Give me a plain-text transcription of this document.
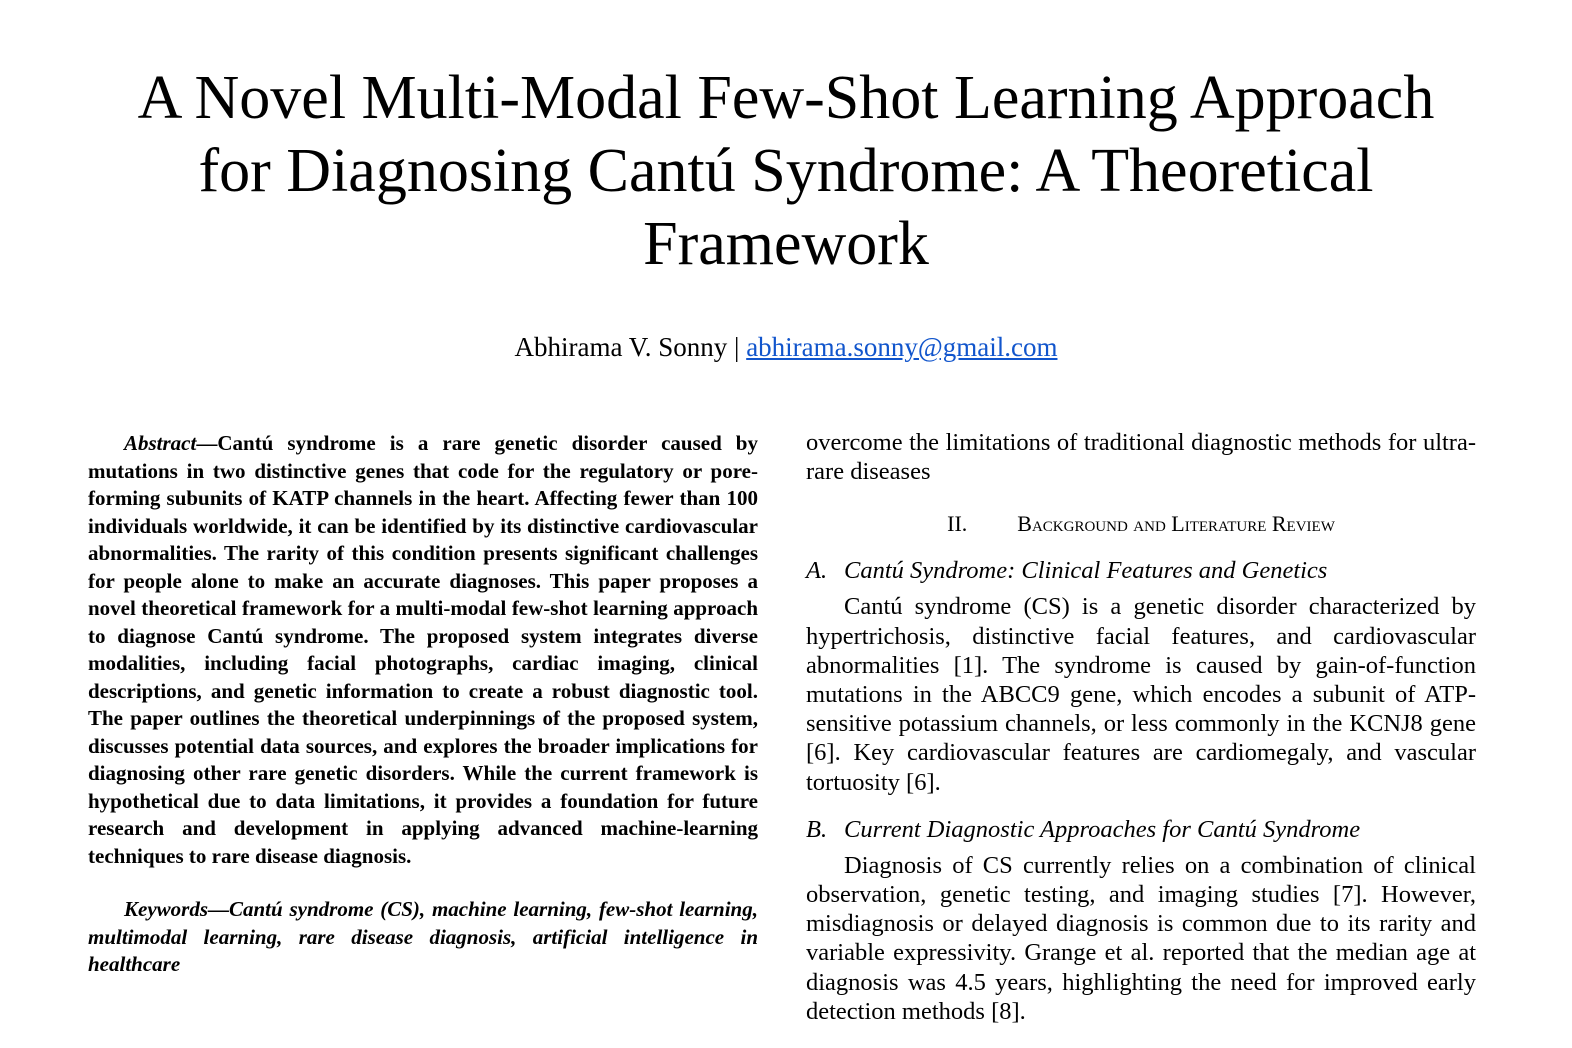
A Novel Multi-Modal Few-Shot Learning Approach
for Diagnosing Cantú Syndrome: A Theoretical
Framework
Abhirama V. Sonny | abhirama.sonny@gmail.com

Abstract—Cantú syndrome is a rare genetic disorder caused by mutations in two distinctive genes that code for the regulatory or pore-forming subunits of KATP channels in the heart. Affecting fewer than 100 individuals worldwide, it can be identified by its distinctive cardiovascular abnormalities. The rarity of this condition presents significant challenges for people alone to make an accurate diagnoses. This paper proposes a novel theoretical framework for a multi-modal few-shot learning approach to diagnose Cantú syndrome. The proposed system integrates diverse modalities, including facial photographs, cardiac imaging, clinical descriptions, and genetic information to create a robust diagnostic tool. The paper outlines the theoretical underpinnings of the proposed system, discusses potential data sources, and explores the broader implications for diagnosing other rare genetic disorders. While the current framework is hypothetical due to data limitations, it provides a foundation for future research and development in applying advanced machine-learning techniques to rare disease diagnosis.

Keywords—Cantú syndrome (CS), machine learning, few-shot learning, multimodal learning, rare disease diagnosis, artificial intelligence in healthcare

overcome the limitations of traditional diagnostic methods for ultra-rare diseases

II. Background and Literature Review
A. Cantú Syndrome: Clinical Features and Genetics

Cantú syndrome (CS) is a genetic disorder characterized by hypertrichosis, distinctive facial features, and cardiovascular abnormalities [1]. The syndrome is caused by gain-of-function mutations in the ABCC9 gene, which encodes a subunit of ATP-sensitive potassium channels, or less commonly in the KCNJ8 gene [6]. Key cardiovascular features are cardiomegaly, and vascular tortuosity [6].

B. Current Diagnostic Approaches for Cantú Syndrome

Diagnosis of CS currently relies on a combination of clinical observation, genetic testing, and imaging studies [7]. However, misdiagnosis or delayed diagnosis is common due to its rarity and variable expressivity. Grange et al. reported that the median age at diagnosis was 4.5 years, highlighting the need for improved early detection methods [8].
